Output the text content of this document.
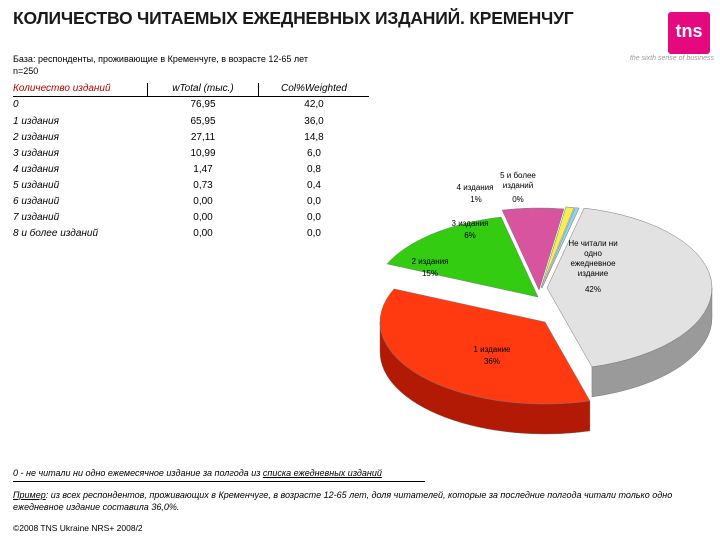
КОЛИЧЕСТВО ЧИТАЕМЫХ ЕЖЕДНЕВНЫХ ИЗДАНИЙ. КРЕМЕНЧУГ
tns
the sixth sense of business
База: респонденты, проживающие в Кременчуге, в возрасте 12-65 лет
n=250
Количество изданий	wTotal (тыс.)	Col%Weighted
0	76,95	42,0
1 издания	65,95	36,0
2 издания	27,11	14,8
3 издания	10,99	6,0
4 издания	1,47	0,8
5 изданий	0,73	0,4
6 изданий	0,00	0,0
7 изданий	0,00	0,0
8 и более изданий	0,00	0,0
Не читали ни одно ежедневное издание
42%
1 издание
36%
2 издания
15%
3 издания
6%
4 издания
1%
5 и более изданий
0%
0 - не читали ни одно ежемесячное издание за полгода из списка ежедневных изданий
Пример: из всех респондентов, проживающих в Кременчуге, в возрасте 12-65 лет, доля читателей, которые за последние полгода читали только одно ежедневное издание составила 36,0%.
©2008 TNS Ukraine NRS+ 2008/2
